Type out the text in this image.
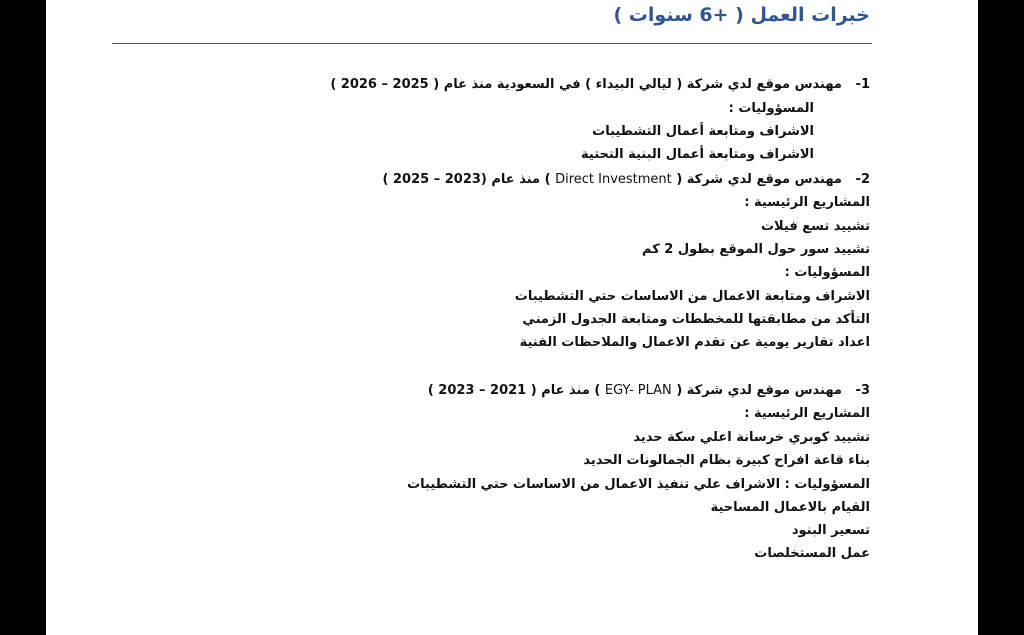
خبرات العمل ( +6 سنوات )
1-   مهندس موقع لدي شركة ( ليالي البيداء ) في السعودية منذ عام ( 2025 – 2026 )
المسؤوليات :
الاشراف ومتابعة أعمال التشطيبات
الاشراف ومتابعة أعمال البنية التحتية
2-   مهندس موقع لدي شركة ( Direct Investment ) منذ عام (2023 – 2025 )
المشاريع الرئيسية :
تشييد تسع فيلات
تشييد سور حول الموقع بطول 2 كم
المسؤوليات :
الاشراف ومتابعة الاعمال من الاساسات حتي التشطيبات
التأكد من مطابقتها للمخططات ومتابعة الجدول الزمني
اعداد تقارير يومية عن تقدم الاعمال والملاحظات الفنية
3-   مهندس موقع لدي شركة ( EGY- PLAN ) منذ عام ( 2021 – 2023 )
المشاريع الرئيسية :
تشييد كوبري خرسانة اعلي سكة حديد
بناء قاعة افراح كبيرة بظام الجمالونات الحديد
المسؤوليات : الاشراف علي تنفيذ الاعمال من الاساسات حتي التشطيبات
القيام بالاعمال المساحية
تسعير البنود
عمل المستخلصات
